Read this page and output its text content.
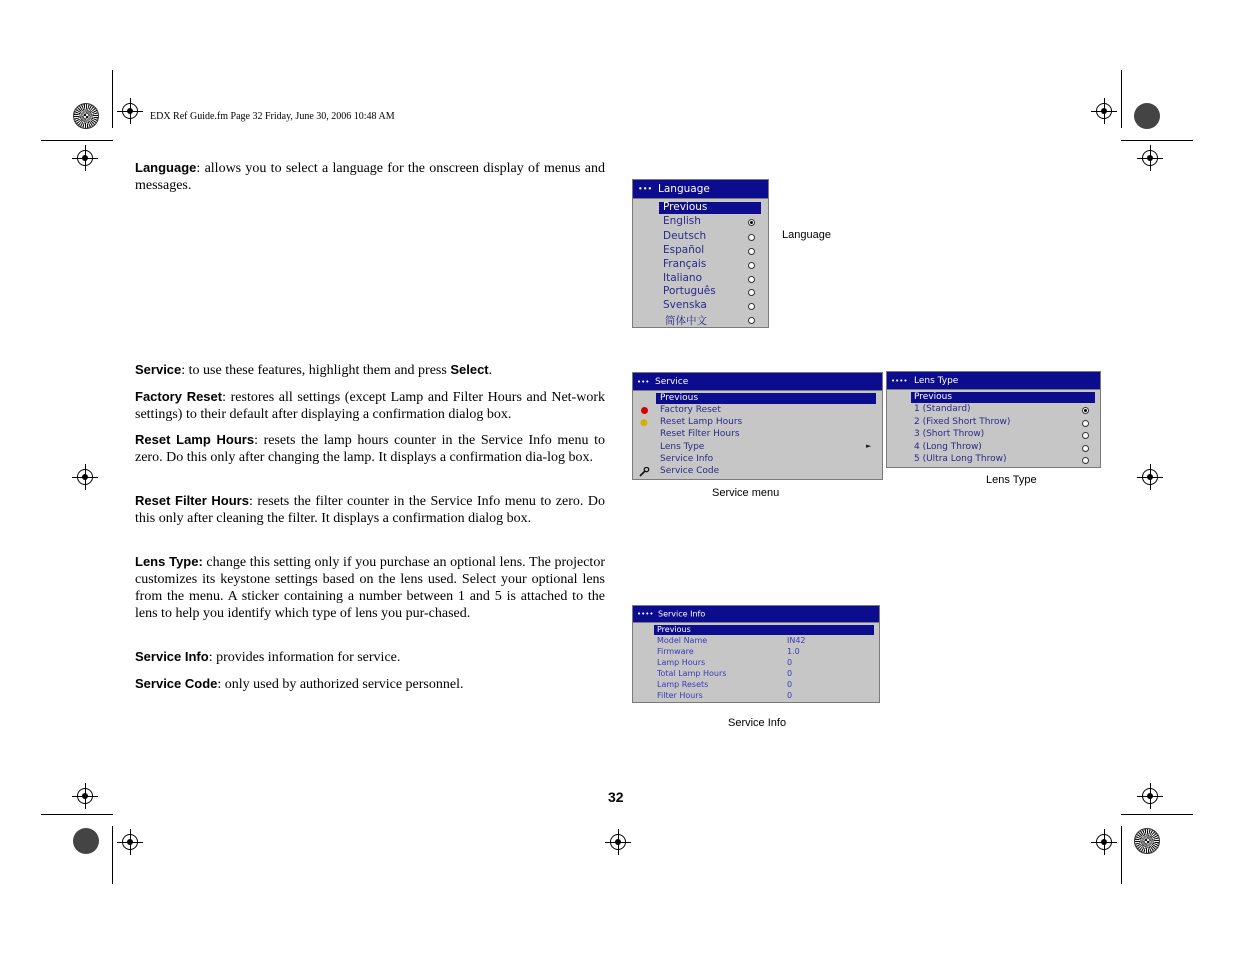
EDX Ref Guide.fm Page 32 Friday, June 30, 2006 10:48 AM
Language: allows you to select a language for the onscreen display of menus and messages.
Service: to use these features, highlight them and press Select.
Factory Reset: restores all settings (except Lamp and Filter Hours and Net-work settings) to their default after displaying a confirmation dialog box.
Reset Lamp Hours: resets the lamp hours counter in the Service Info menu to zero. Do this only after changing the lamp. It displays a confirmation dia-log box.
Reset Filter Hours: resets the filter counter in the Service Info menu to zero. Do this only after cleaning the filter. It displays a confirmation dialog box.
Lens Type: change this setting only if you purchase an optional lens. The projector customizes its keystone settings based on the lens used. Select your optional lens from the menu. A sticker containing a number between 1 and 5 is attached to the lens to help you identify which type of lens you pur-chased.
Service Info: provides information for service.
Service Code: only used by authorized service personnel.
••• Language
Previous
English
Deutsch
Español
Français
Italiano
Português
Svenska
简体中文
Language
••• Service
Previous
Factory Reset
● Reset Lamp Hours
Reset Filter Hours
Lens Type	►
Service Info
Service Code
Service menu
•••• Lens Type
Previous
1 (Standard)
2 (Fixed Short Throw)
3 (Short Throw)
4 (Long Throw)
5 (Ultra Long Throw)
Lens Type
•••• Service Info
Previous
Model Name	IN42
Firmware	1.0
Lamp Hours	0
Total Lamp Hours	0
Lamp Resets	0
Filter Hours	0
Service Info
32
